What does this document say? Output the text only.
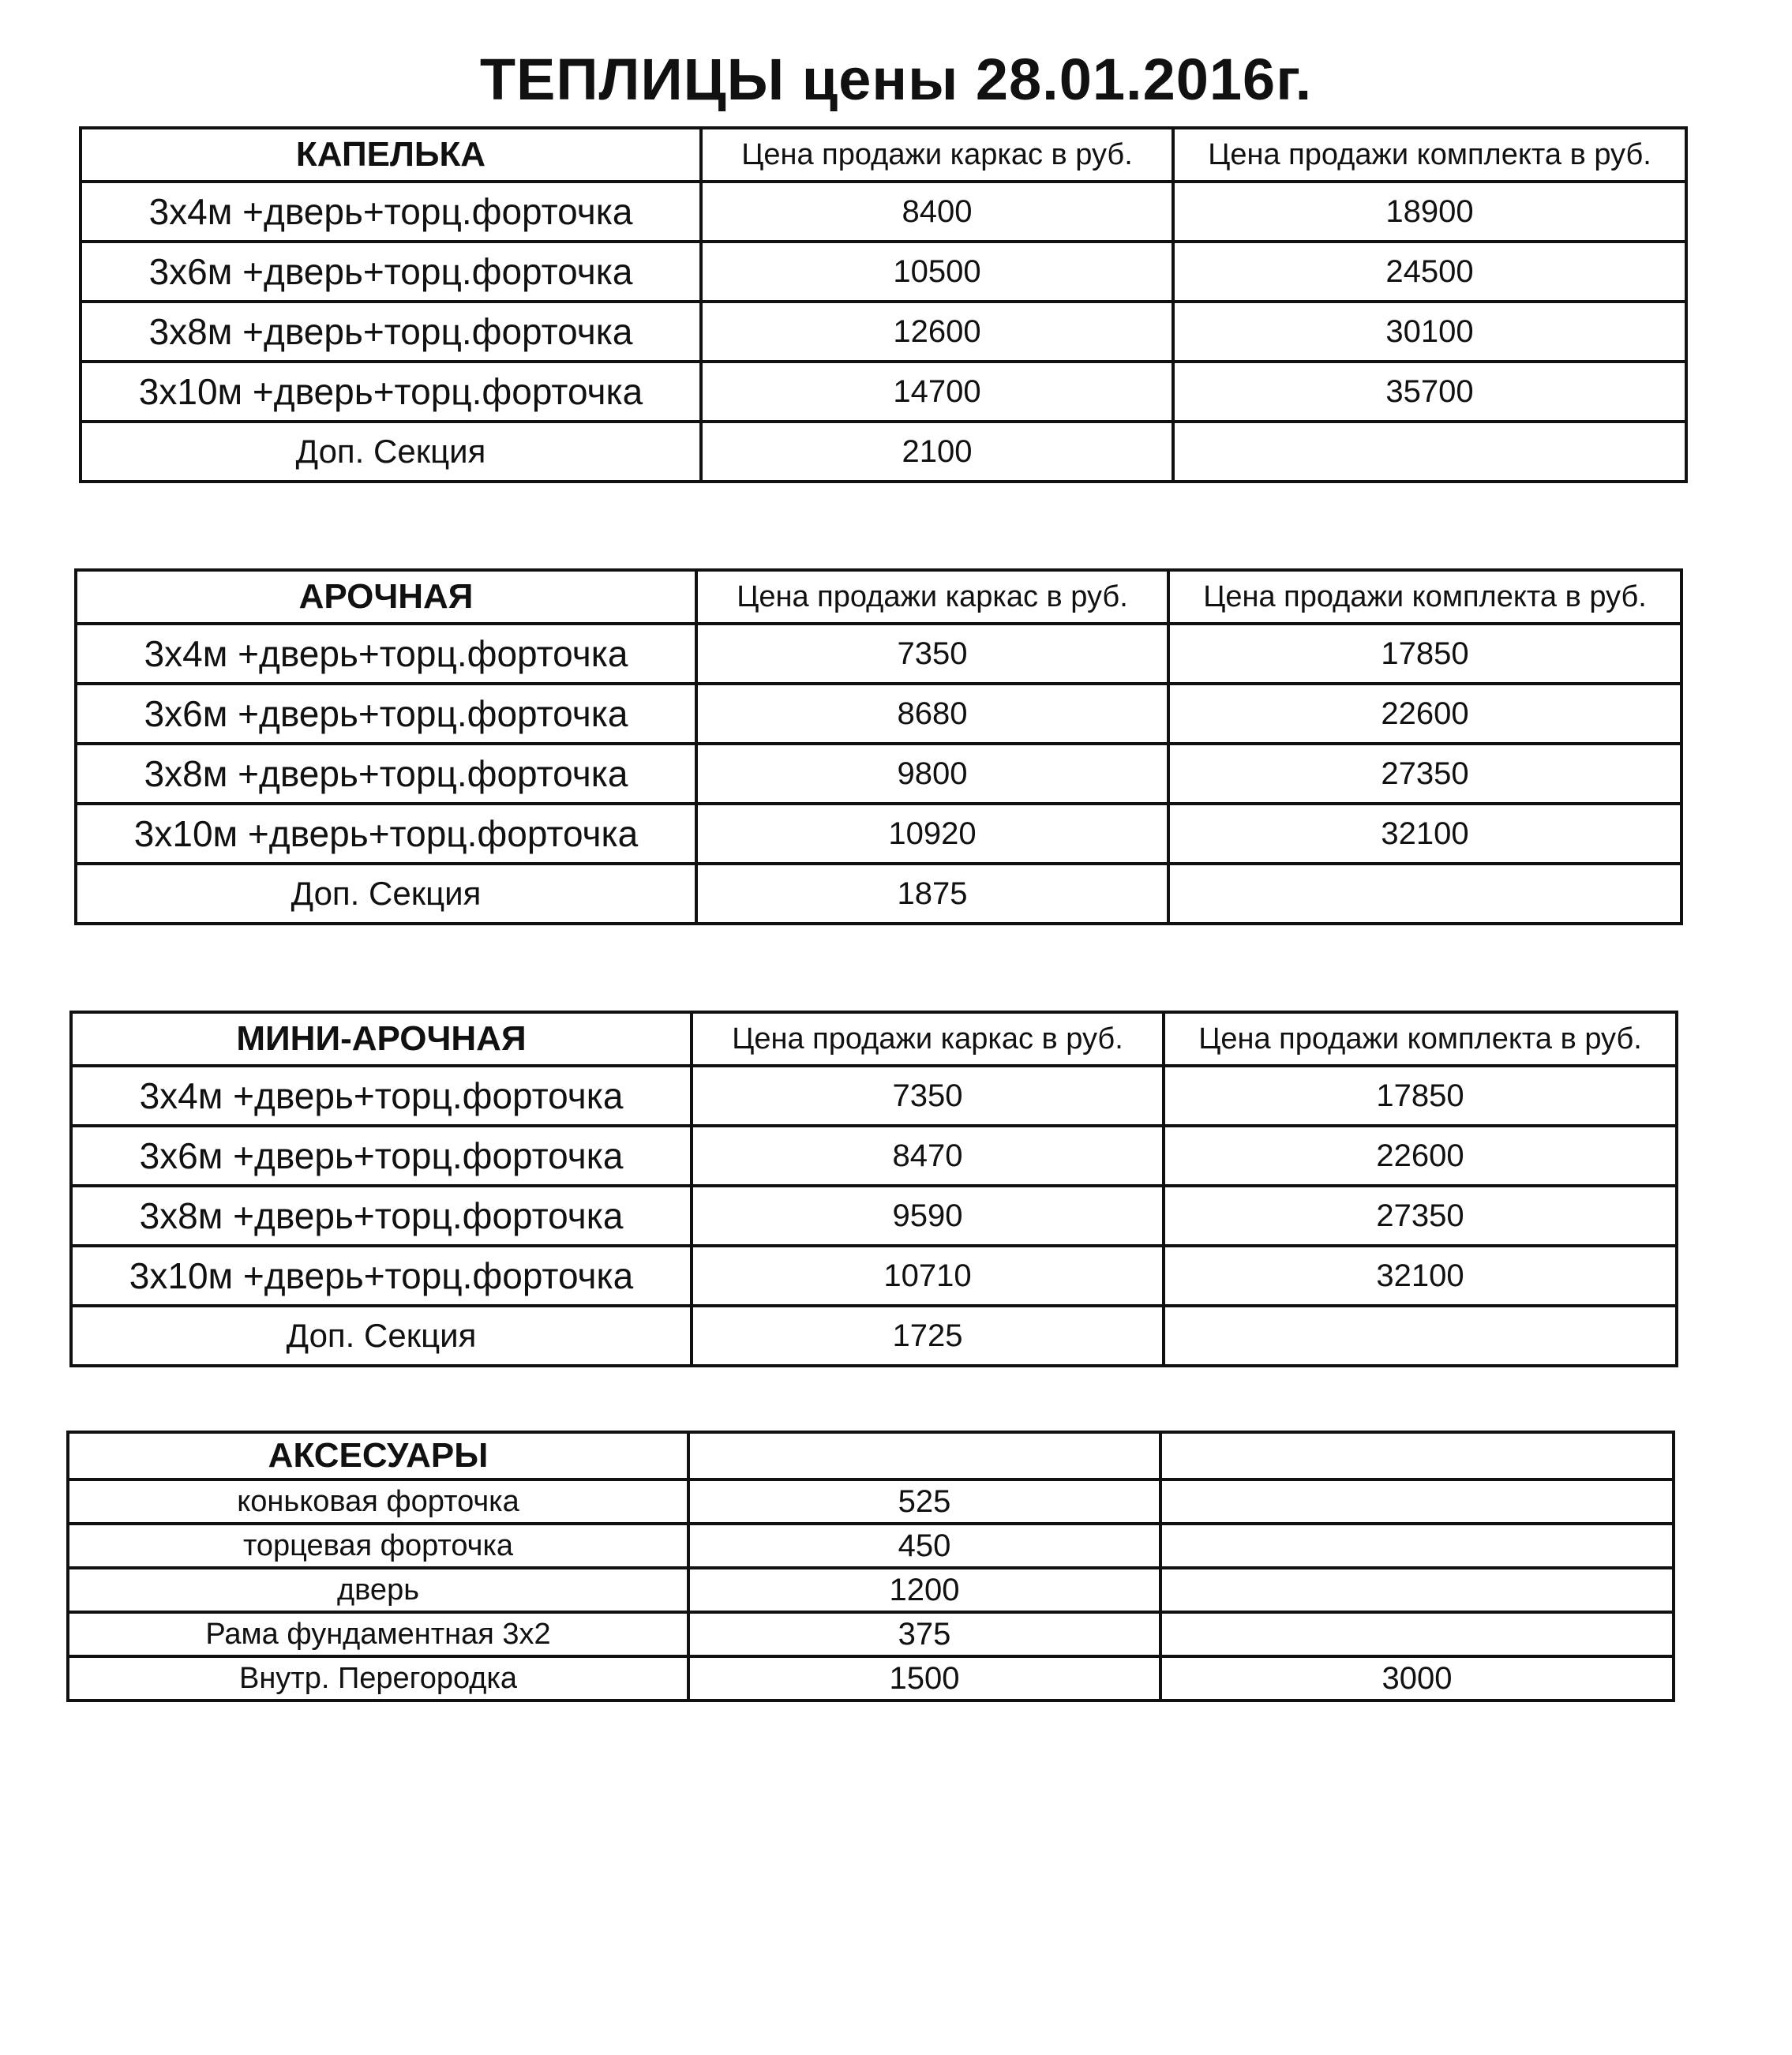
ТЕПЛИЦЫ цены 28.01.2016г.
КАПЕЛЬКА	Цена продажи каркас в руб.	Цена продажи комплекта в руб.
3х4м +дверь+торц.форточка	8400	18900
3х6м +дверь+торц.форточка	10500	24500
3х8м +дверь+торц.форточка	12600	30100
3х10м +дверь+торц.форточка	14700	35700
Доп. Секция	2100	
АРОЧНАЯ	Цена продажи каркас в руб.	Цена продажи комплекта в руб.
3х4м +дверь+торц.форточка	7350	17850
3х6м +дверь+торц.форточка	8680	22600
3х8м +дверь+торц.форточка	9800	27350
3х10м +дверь+торц.форточка	10920	32100
Доп. Секция	1875	
МИНИ-АРОЧНАЯ	Цена продажи каркас в руб.	Цена продажи комплекта в руб.
3х4м +дверь+торц.форточка	7350	17850
3х6м +дверь+торц.форточка	8470	22600
3х8м +дверь+торц.форточка	9590	27350
3х10м +дверь+торц.форточка	10710	32100
Доп. Секция	1725	
АКСЕСУАРЫ		
коньковая форточка	525	
торцевая форточка	450	
дверь	1200	
Рама фундаментная 3х2	375	
Внутр. Перегородка	1500	3000
